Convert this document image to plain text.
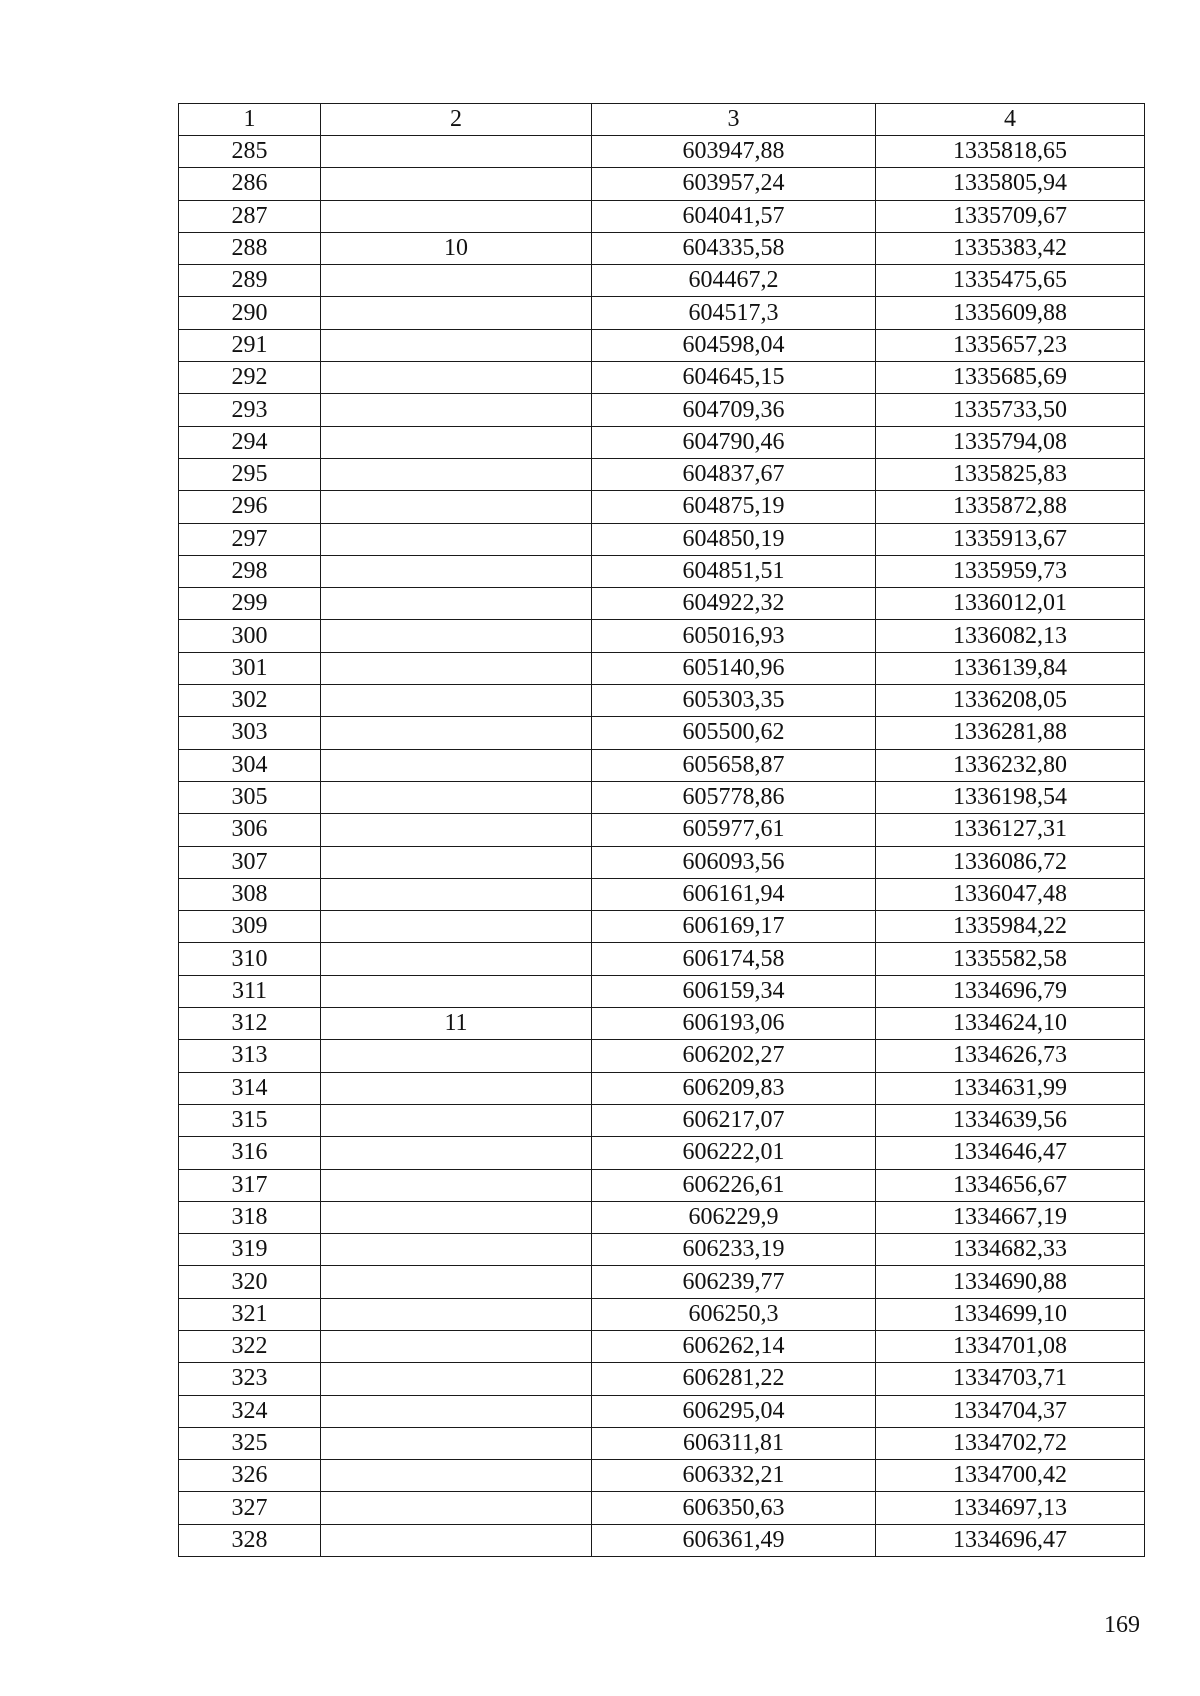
1	2	3	4
285		603947,88	1335818,65
286		603957,24	1335805,94
287		604041,57	1335709,67
288	10	604335,58	1335383,42
289		604467,2	1335475,65
290		604517,3	1335609,88
291		604598,04	1335657,23
292		604645,15	1335685,69
293		604709,36	1335733,50
294		604790,46	1335794,08
295		604837,67	1335825,83
296		604875,19	1335872,88
297		604850,19	1335913,67
298		604851,51	1335959,73
299		604922,32	1336012,01
300		605016,93	1336082,13
301		605140,96	1336139,84
302		605303,35	1336208,05
303		605500,62	1336281,88
304		605658,87	1336232,80
305		605778,86	1336198,54
306		605977,61	1336127,31
307		606093,56	1336086,72
308		606161,94	1336047,48
309		606169,17	1335984,22
310		606174,58	1335582,58
311		606159,34	1334696,79
312	11	606193,06	1334624,10
313		606202,27	1334626,73
314		606209,83	1334631,99
315		606217,07	1334639,56
316		606222,01	1334646,47
317		606226,61	1334656,67
318		606229,9	1334667,19
319		606233,19	1334682,33
320		606239,77	1334690,88
321		606250,3	1334699,10
322		606262,14	1334701,08
323		606281,22	1334703,71
324		606295,04	1334704,37
325		606311,81	1334702,72
326		606332,21	1334700,42
327		606350,63	1334697,13
328		606361,49	1334696,47
169
